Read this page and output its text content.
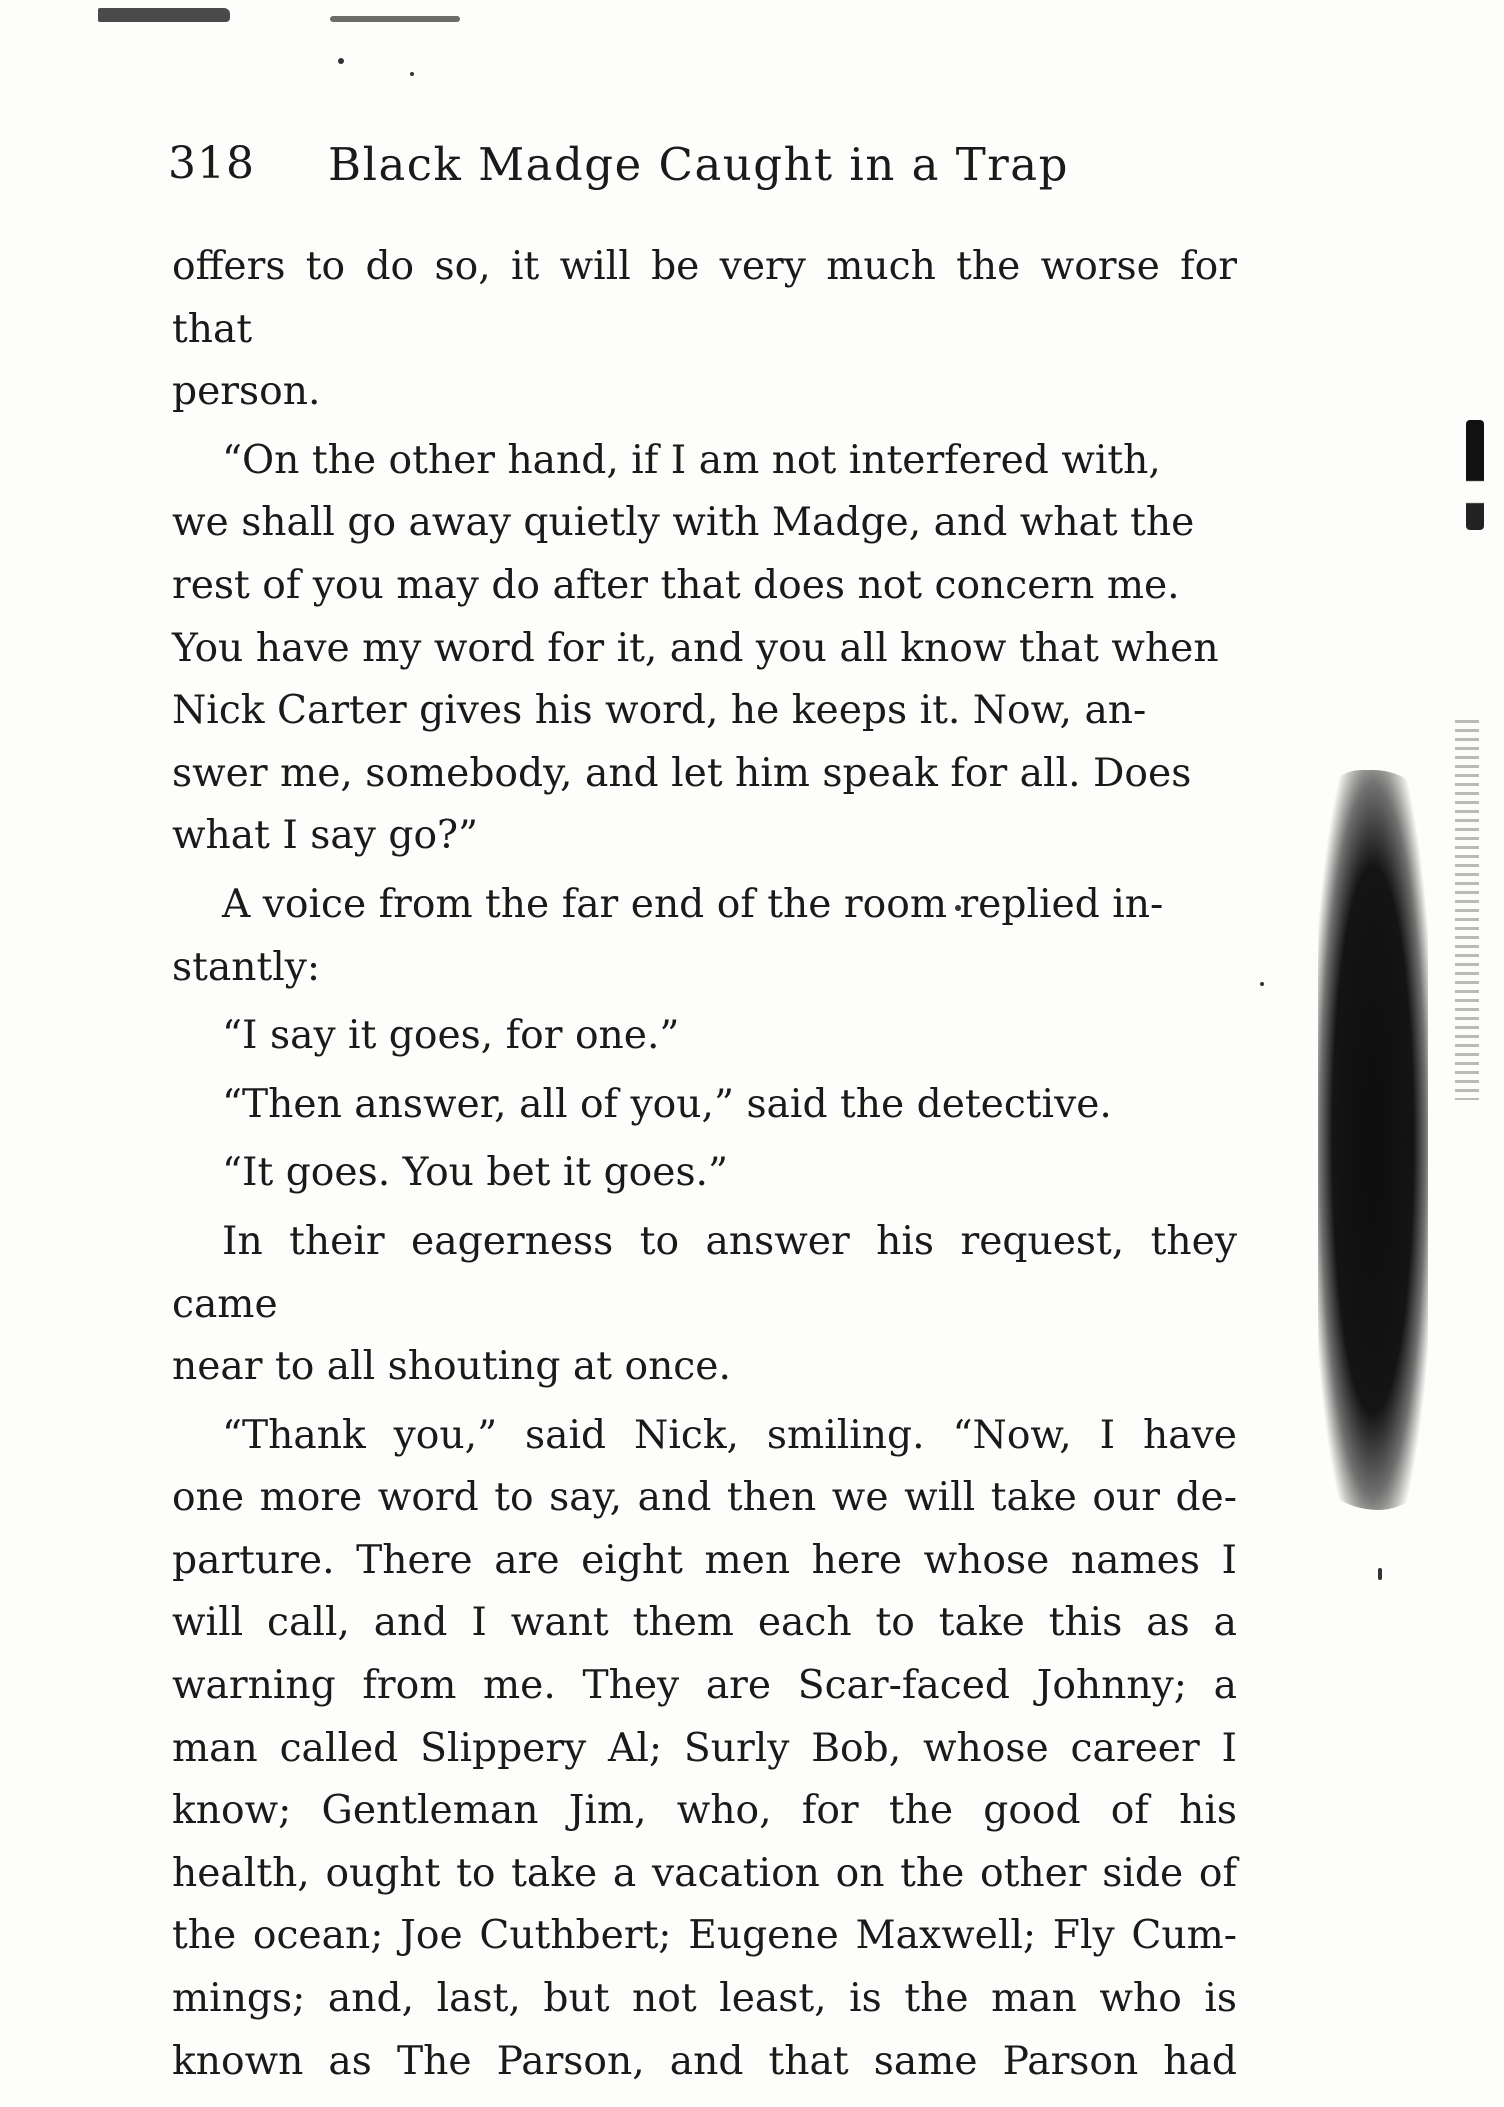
318 Black Madge Caught in a Trap

offers to do so, it will be very much the worse for that
person.

“On the other hand, if I am not interfered with,
we shall go away quietly with Madge, and what the
rest of you may do after that does not concern me.
You have my word for it, and you all know that when
Nick Carter gives his word, he keeps it. Now, an-
swer me, somebody, and let him speak for all. Does
what I say go?”

A voice from the far end of the room replied in-
stantly:

“I say it goes, for one.”

“Then answer, all of you,” said the detective.

“It goes. You bet it goes.”

In their eagerness to answer his request, they came
near to all shouting at once.

“Thank you,” said Nick, smiling. “Now, I have
one more word to say, and then we will take our de-
parture. There are eight men here whose names I
will call, and I want them each to take this as a
warning from me. They are Scar-faced Johnny; a
man called Slippery Al; Surly Bob, whose career I
know; Gentleman Jim, who, for the good of his
health, ought to take a vacation on the other side of
the ocean; Joe Cuthbert; Eugene Maxwell; Fly Cum-
mings; and, last, but not least, is the man who is
known as The Parson, and that same Parson had
